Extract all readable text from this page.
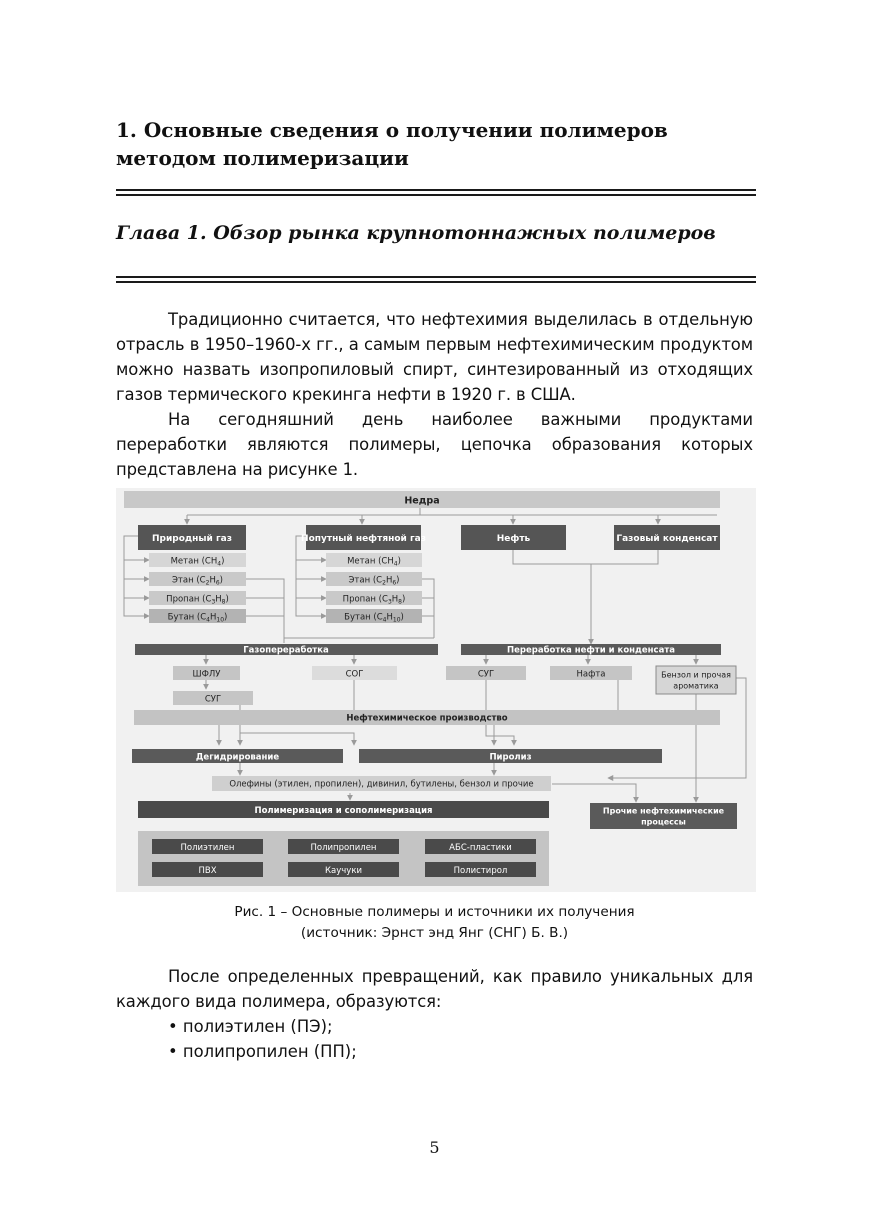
1. Основные сведения о получении полимеров
методом полимеризации
Глава 1. Обзор рынка крупнотоннажных полимеров

Традиционно считается, что нефтехимия выделилась в отдельную отрасль в 1950–1960-х гг., а самым первым нефтехимическим продуктом можно назвать изопропиловый спирт, синтезированный из отходящих газов термического крекинга нефти в 1920 г. в США.

На сегодняшний день наиболее важными продуктами переработки являются полимеры, цепочка образования которых представлена на рисунке 1.

Недра
Природный газ	Попутный нефтяной газ	Нефть	Газовый конденсат
Метан $(CH_4)$
Этан $(C_2H_6)$
Пропан $(C_3H_8)$
Бутан $(C_4H_{10})$
Метан $(CH_4)$
Этан $(C_2H_6)$
Пропан $(C_3H_8)$
Бутан $(C_4H_{10})$
Газопереработка	Переработка нефти и конденсата
ШФЛУ	СОГ
СУГ
СУГ	Нафта	Бензол и прочая
ароматика
Нефтехимическое производство
Дегидрирование	Пиролиз
Олефины (этилен, пропилен), дивинил, бутилены, бензол и прочие
Полимеризация и сополимеризация	Прочие нефтехимические
процессы
Полиэтилен	Полипропилен	АБС-пластики
ПВХ	Каучуки	Полистирол

Рис. 1 – Основные полимеры и источники их получения

(источник: Эрнст энд Янг (СНГ) Б. В.)

После определенных превращений, как правило уникальных для каждого вида полимера, образуются:

• полиэтилен (ПЭ);

• полипропилен (ПП);

5
